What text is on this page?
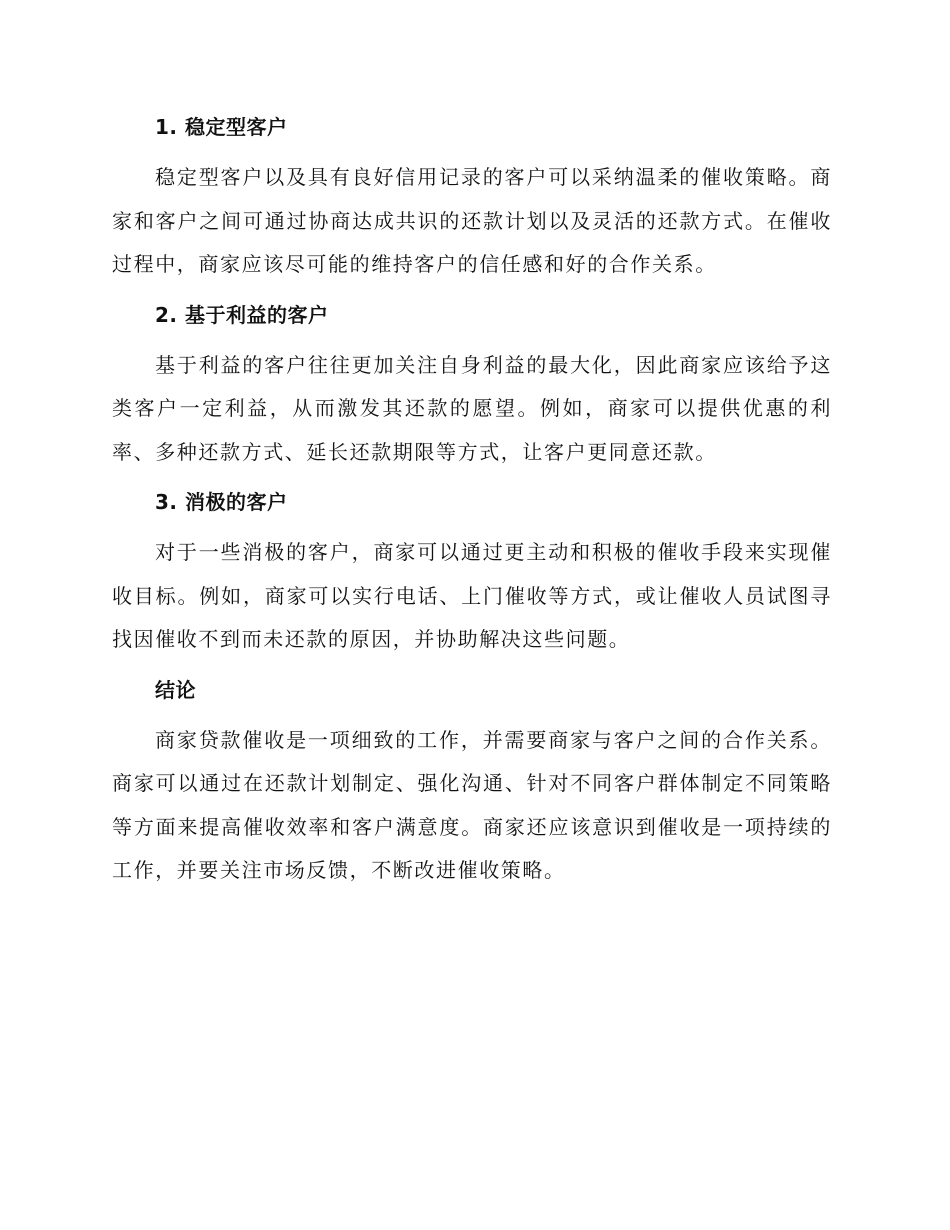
1. 稳定型客户

稳定型客户以及具有良好信用记录的客户可以采纳温柔的催收策略。商家和客户之间可通过协商达成共识的还款计划以及灵活的还款方式。在催收过程中，商家应该尽可能的维持客户的信任感和好的合作关系。

2. 基于利益的客户

基于利益的客户往往更加关注自身利益的最大化，因此商家应该给予这类客户一定利益，从而激发其还款的愿望。例如，商家可以提供优惠的利率、多种还款方式、延长还款期限等方式，让客户更同意还款。

3. 消极的客户

对于一些消极的客户，商家可以通过更主动和积极的催收手段来实现催收目标。例如，商家可以实行电话、上门催收等方式，或让催收人员试图寻找因催收不到而未还款的原因，并协助解决这些问题。

结论

商家贷款催收是一项细致的工作，并需要商家与客户之间的合作关系。商家可以通过在还款计划制定、强化沟通、针对不同客户群体制定不同策略等方面来提高催收效率和客户满意度。商家还应该意识到催收是一项持续的工作，并要关注市场反馈，不断改进催收策略。
